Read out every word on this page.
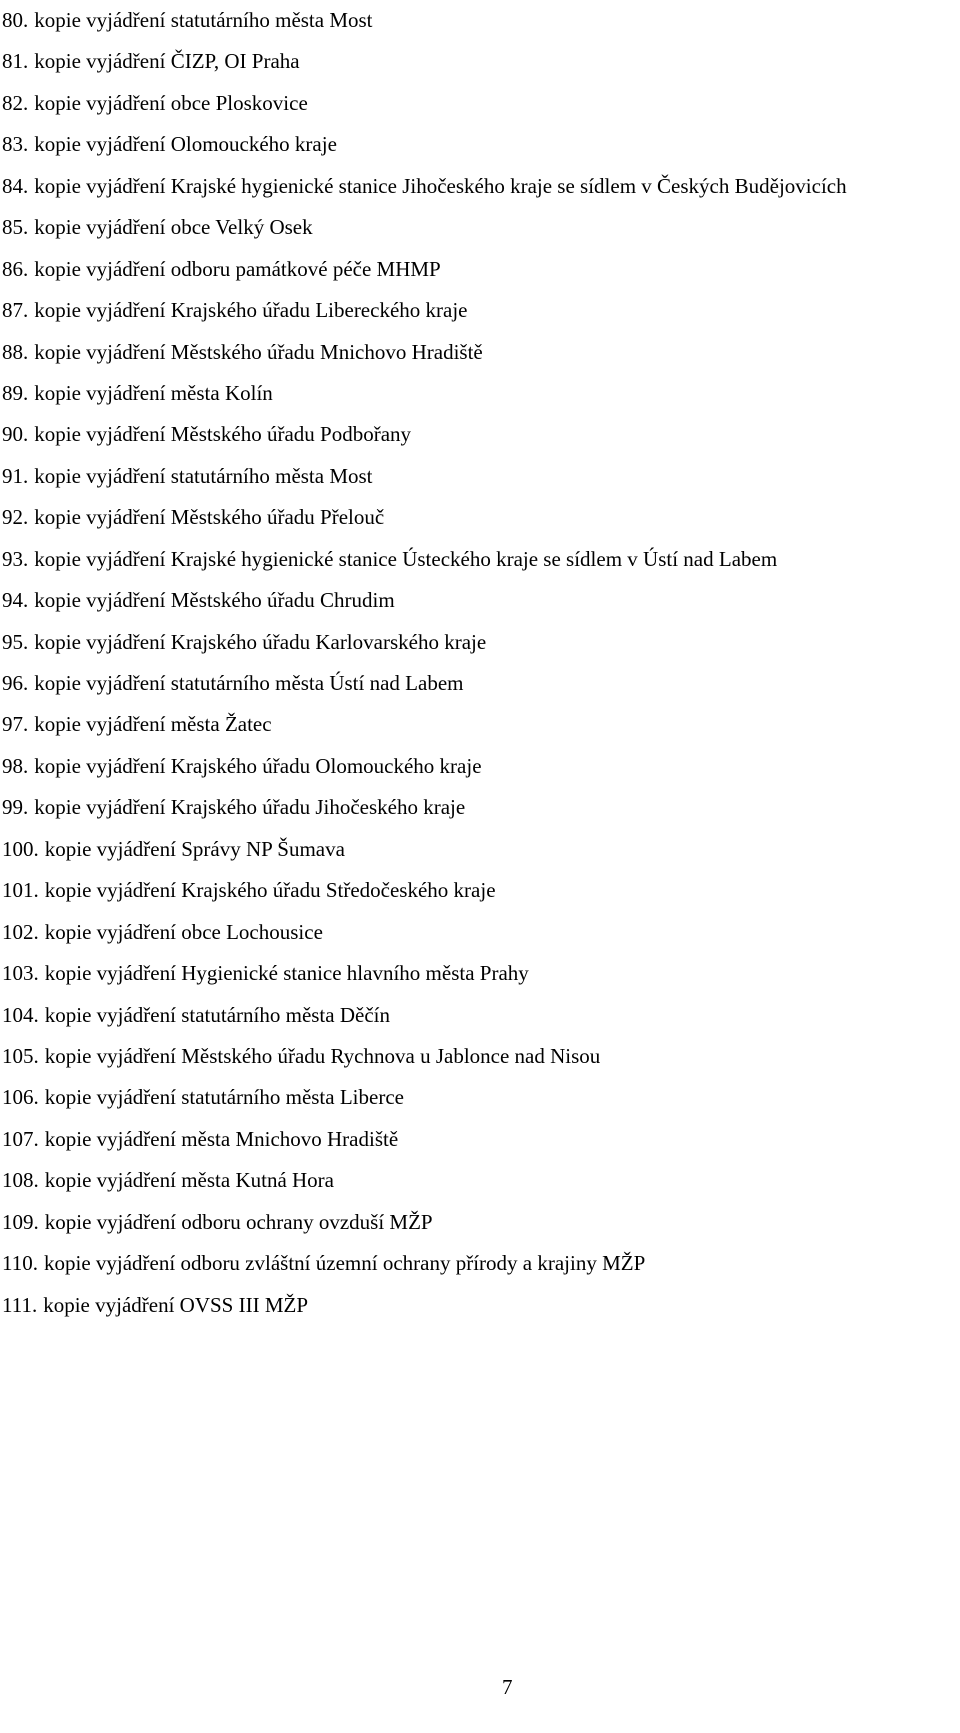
80. kopie vyjádření statutárního města Most
81. kopie vyjádření ČIZP, OI Praha
82. kopie vyjádření obce Ploskovice
83. kopie vyjádření Olomouckého kraje
84. kopie vyjádření Krajské hygienické stanice Jihočeského kraje se sídlem v Českých Budějovicích
85. kopie vyjádření obce Velký Osek
86. kopie vyjádření odboru památkové péče MHMP
87. kopie vyjádření Krajského úřadu Libereckého kraje
88. kopie vyjádření Městského úřadu Mnichovo Hradiště
89. kopie vyjádření města Kolín
90. kopie vyjádření Městského úřadu Podbořany
91. kopie vyjádření statutárního města Most
92. kopie vyjádření Městského úřadu Přelouč
93. kopie vyjádření Krajské hygienické stanice Ústeckého kraje se sídlem v Ústí nad Labem
94. kopie vyjádření Městského úřadu Chrudim
95. kopie vyjádření Krajského úřadu Karlovarského kraje
96. kopie vyjádření statutárního města Ústí nad Labem
97. kopie vyjádření města Žatec
98. kopie vyjádření Krajského úřadu Olomouckého kraje
99. kopie vyjádření Krajského úřadu Jihočeského kraje
100. kopie vyjádření Správy NP Šumava
101. kopie vyjádření Krajského úřadu Středočeského kraje
102. kopie vyjádření obce Lochousice
103. kopie vyjádření Hygienické stanice hlavního města Prahy
104. kopie vyjádření statutárního města Děčín
105. kopie vyjádření Městského úřadu Rychnova u Jablonce nad Nisou
106. kopie vyjádření statutárního města Liberce
107. kopie vyjádření města Mnichovo Hradiště
108. kopie vyjádření města Kutná Hora
109. kopie vyjádření odboru ochrany ovzduší MŽP
110. kopie vyjádření odboru zvláštní územní ochrany přírody a krajiny MŽP
111. kopie vyjádření OVSS III MŽP
7
